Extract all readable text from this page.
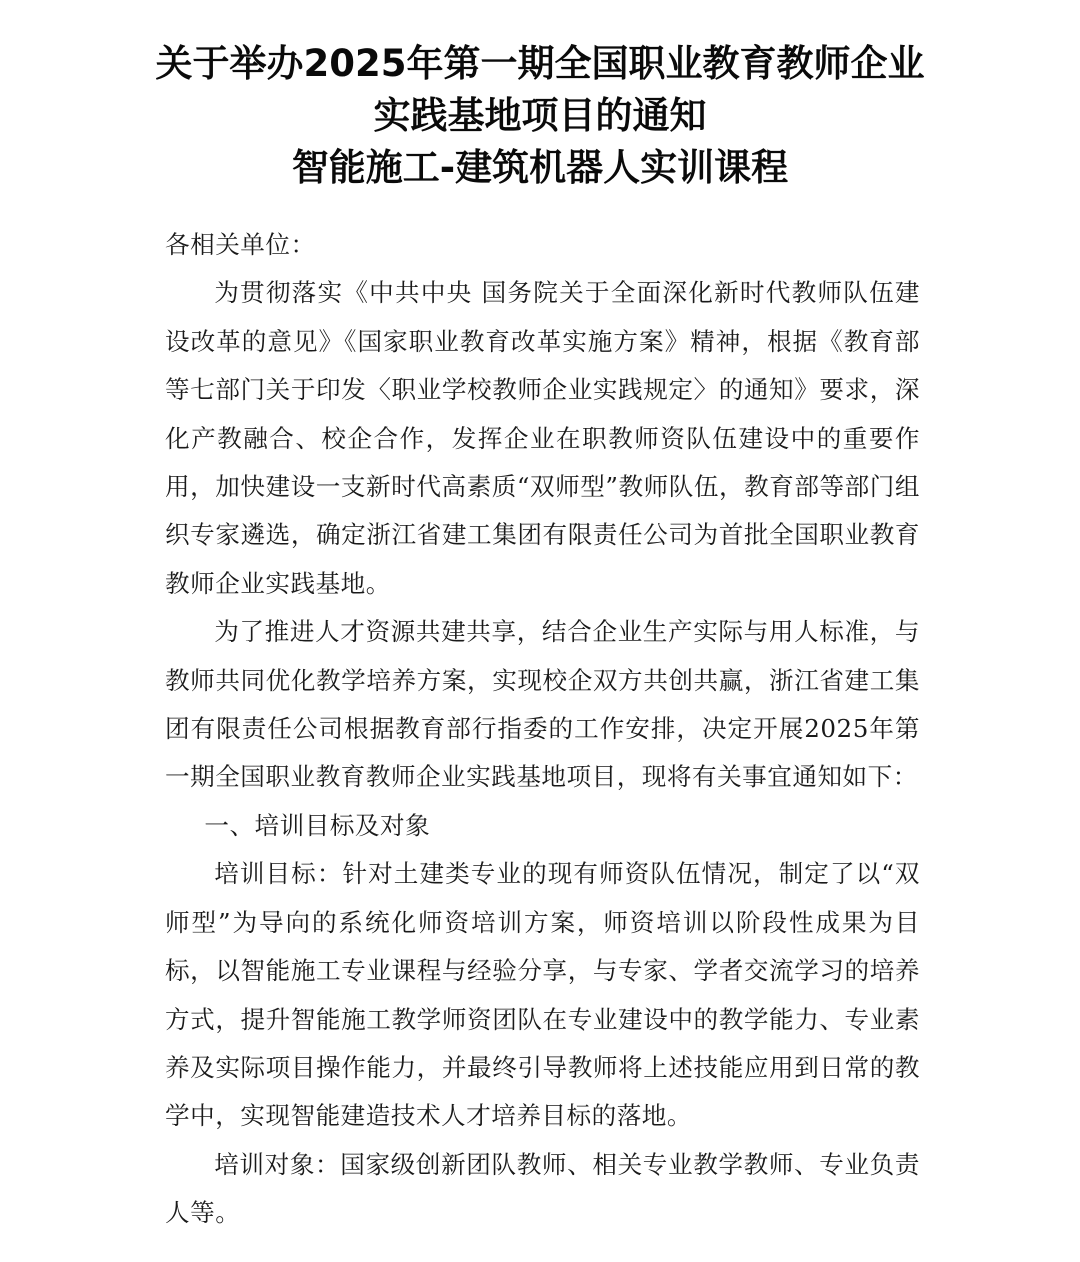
关于举办2025年第一期全国职业教育教师企业
实践基地项目的通知
智能施工-建筑机器人实训课程

各相关单位：

为贯彻落实《中共中央 国务院关于全面深化新时代教师队伍建设改革的意见》《国家职业教育改革实施方案》精神，根据《教育部等七部门关于印发〈职业学校教师企业实践规定〉的通知》要求，深化产教融合、校企合作，发挥企业在职教师资队伍建设中的重要作用，加快建设一支新时代高素质“双师型”教师队伍，教育部等部门组织专家遴选，确定浙江省建工集团有限责任公司为首批全国职业教育教师企业实践基地。

为了推进人才资源共建共享，结合企业生产实际与用人标准，与教师共同优化教学培养方案，实现校企双方共创共赢，浙江省建工集团有限责任公司根据教育部行指委的工作安排，决定开展2025年第一期全国职业教育教师企业实践基地项目，现将有关事宜通知如下：

一、培训目标及对象

培训目标：针对土建类专业的现有师资队伍情况，制定了以“双师型”为导向的系统化师资培训方案，师资培训以阶段性成果为目标，以智能施工专业课程与经验分享，与专家、学者交流学习的培养方式，提升智能施工教学师资团队在专业建设中的教学能力、专业素养及实际项目操作能力，并最终引导教师将上述技能应用到日常的教学中，实现智能建造技术人才培养目标的落地。

培训对象：国家级创新团队教师、相关专业教学教师、专业负责人等。
